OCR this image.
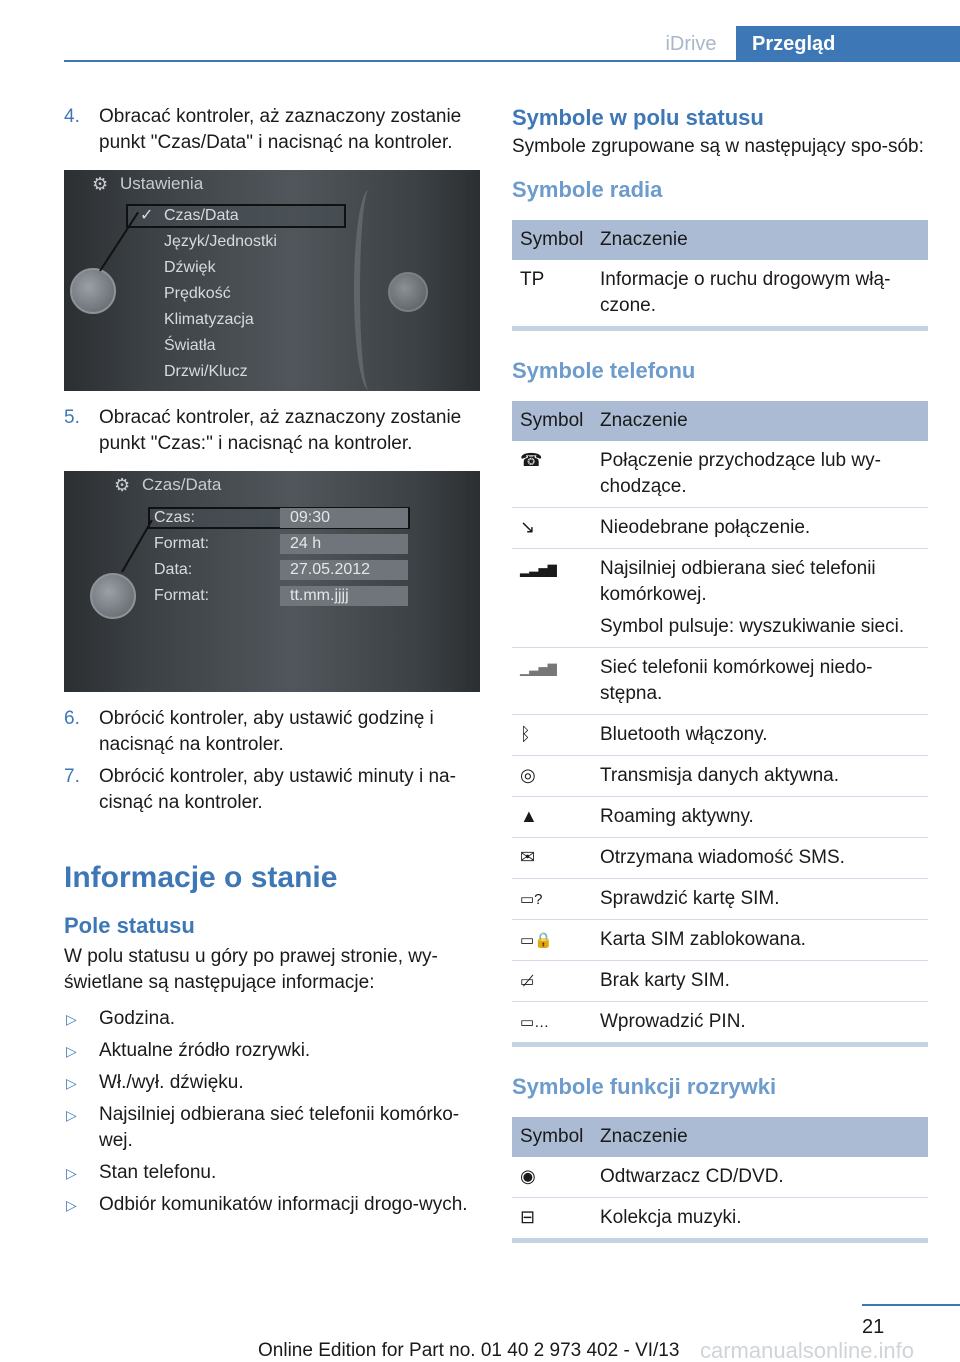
iDrive	Przegląd
4. Obracać kontroler, aż zaznaczony zostanie punkt "Czas/Data" i nacisnąć na kontroler.
⚙ Ustawienia
✓ Czas/Data
Język/Jednostki
Dźwięk
Prędkość
Klimatyzacja
Światła
Drzwi/Klucz
5. Obracać kontroler, aż zaznaczony zostanie punkt "Czas:" i nacisnąć na kontroler.
⚙ Czas/Data
Czas:	09:30
Format:	24 h
Data:	27.05.2012
Format:	tt.mm.jjjj
6. Obrócić kontroler, aby ustawić godzinę i nacisnąć na kontroler.
7. Obrócić kontroler, aby ustawić minuty i na‐cisnąć na kontroler.
Informacje o stanie
Pole statusu
W polu statusu u góry po prawej stronie, wy‐świetlane są następujące informacje:
▷ Godzina.
▷ Aktualne źródło rozrywki.
▷ Wł./wył. dźwięku.
▷ Najsilniej odbierana sieć telefonii komórko‐wej.
▷ Stan telefonu.
▷ Odbiór komunikatów informacji drogo‐wych.
Symbole w polu statusu
Symbole zgrupowane są w następujący spo‐sób:
Symbole radia
Symbol	Znaczenie
TP	Informacje o ruchu drogowym włą‐czone.

Symbole telefonu
Symbol	Znaczenie
☎	Połączenie przychodzące lub wy‐chodzące.

↘	Nieodebrane połączenie.

▂▃▅▇	Najsilniej odbierana sieć telefonii komórkowej.

Symbol pulsuje: wyszukiwanie sieci.

▁▃▅▇	Sieć telefonii komórkowej niedo‐stępna.

ᛒ	Bluetooth włączony.

◎	Transmisja danych aktywna.

▲	Roaming aktywny.

✉	Otrzymana wiadomość SMS.

▭?	Sprawdzić kartę SIM.

▭🔒	Karta SIM zablokowana.

▭̸	Brak karty SIM.

▭…	Wprowadzić PIN.

Symbole funkcji rozrywki
Symbol	Znaczenie
◉	Odtwarzacz CD/DVD.

⊟	Kolekcja muzyki.

21
carmanualsonline.info
Online Edition for Part no. 01 40 2 973 402 - VI/13
